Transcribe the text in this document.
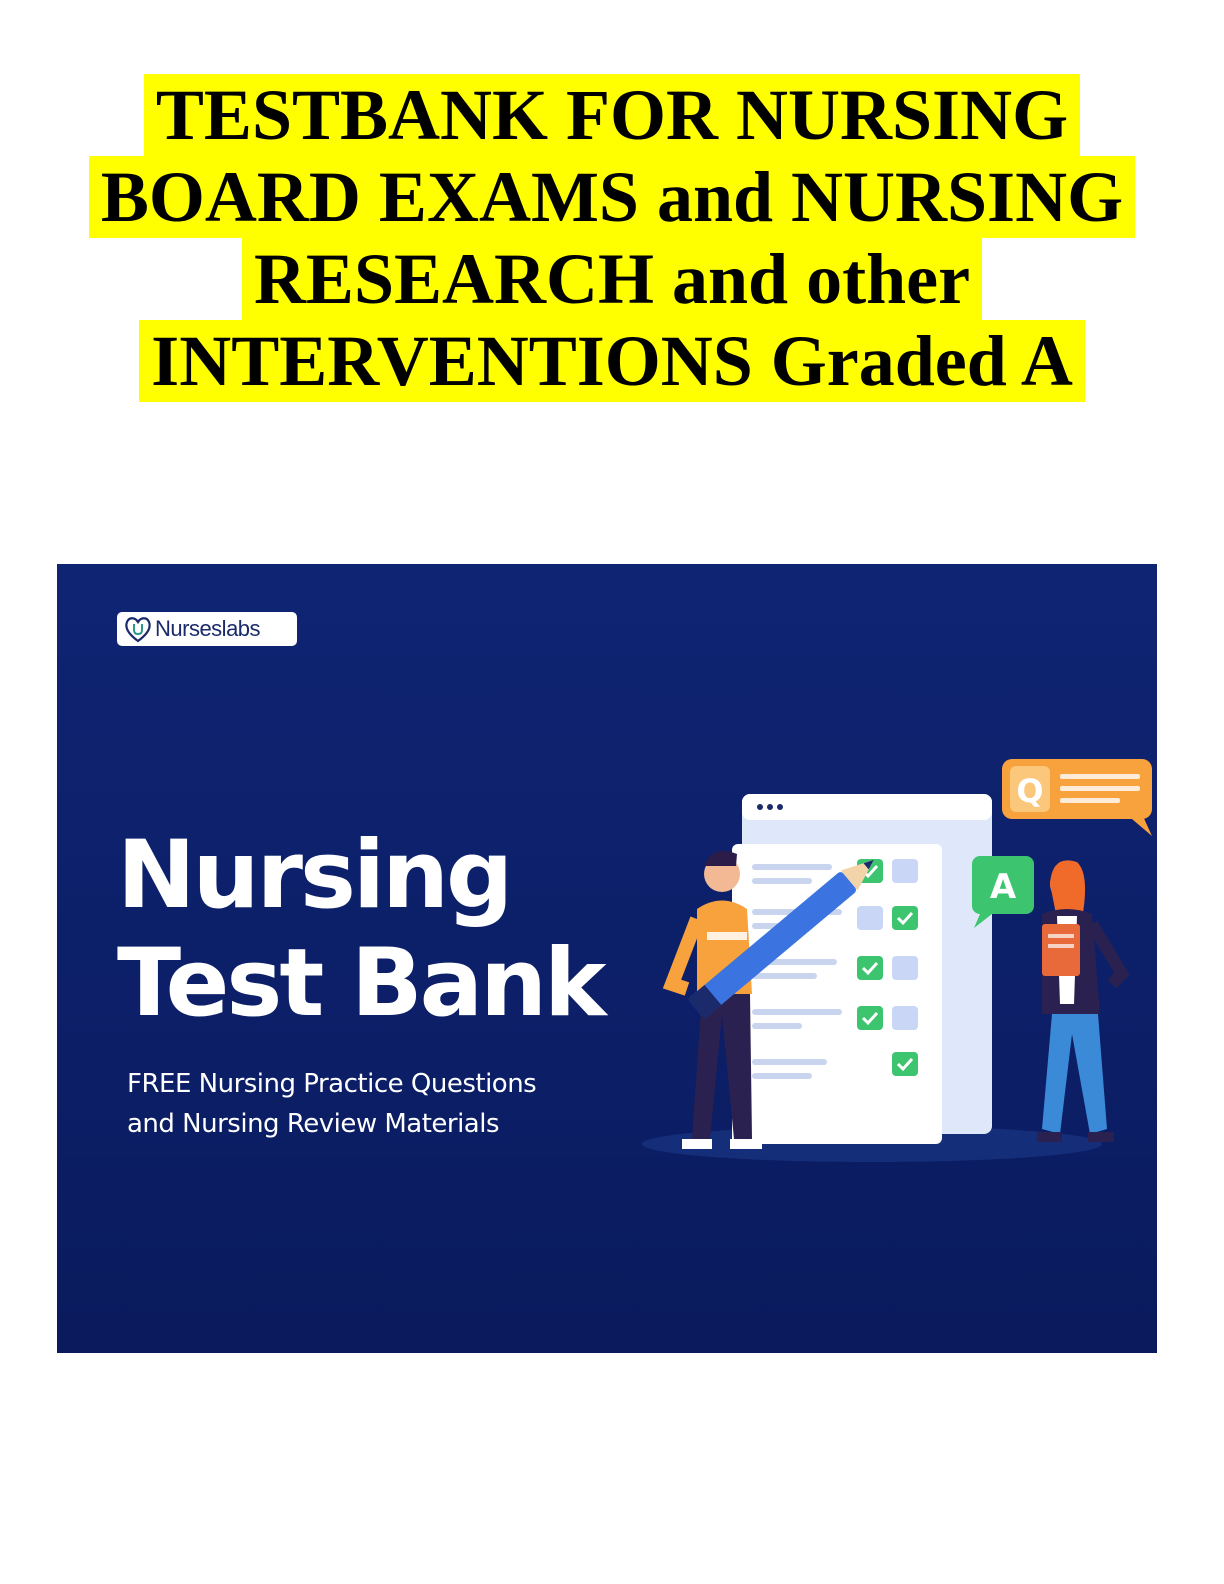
TESTBANK FOR NURSING
BOARD EXAMS and NURSING
RESEARCH and other
INTERVENTIONS Graded A
Nurseslabs
Nursing
Test Bank
FREE Nursing Practice Questions
and Nursing Review Materials
Q
A
